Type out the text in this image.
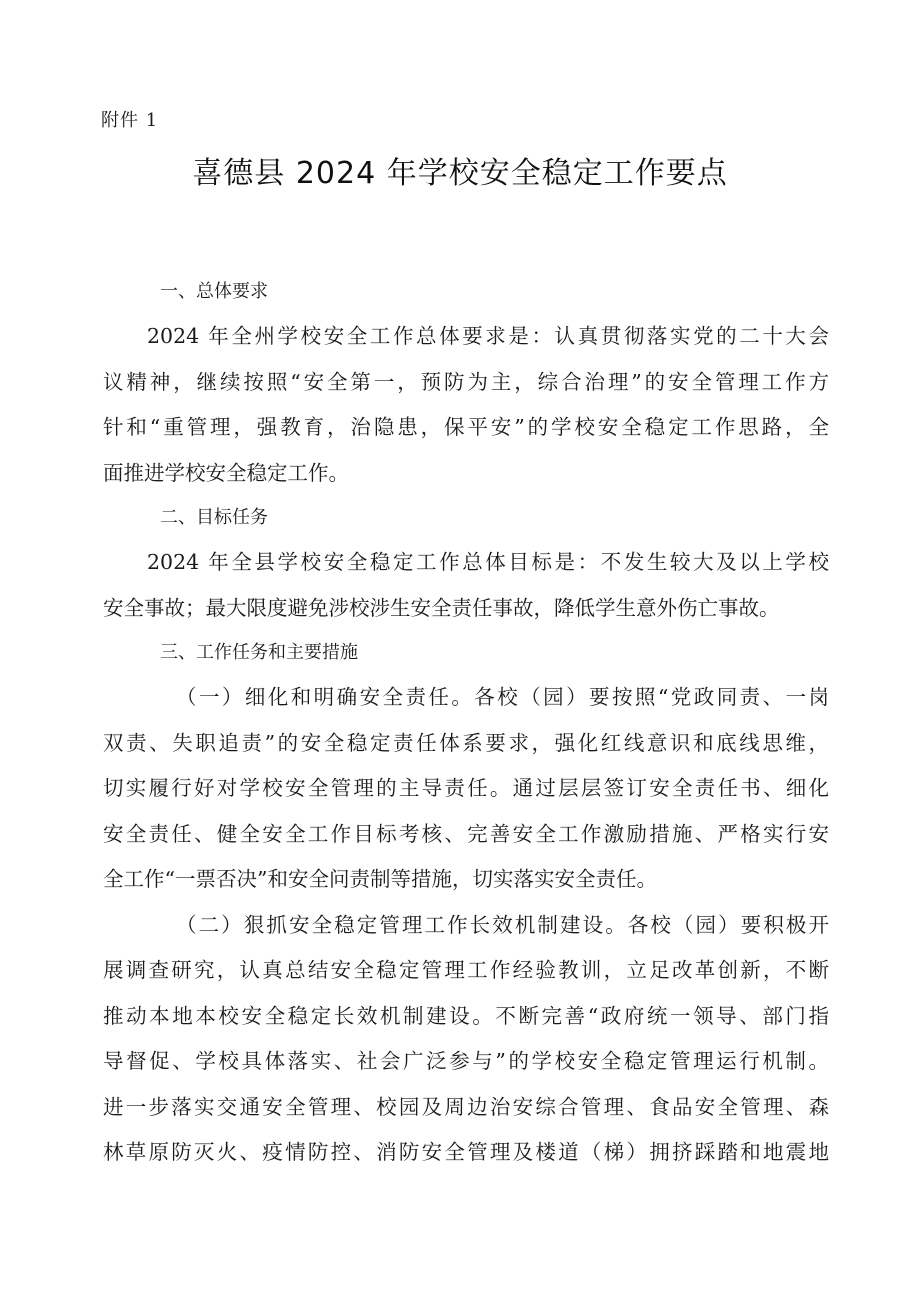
附件 1
喜德县 2024 年学校安全稳定工作要点
一、总体要求
2024 年全州学校安全工作总体要求是：认真贯彻落实党的二十大会
议精神，继续按照“安全第一，预防为主，综合治理”的安全管理工作方
针和“重管理，强教育，治隐患，保平安”的学校安全稳定工作思路，全
面推进学校安全稳定工作。
二、目标任务
2024 年全县学校安全稳定工作总体目标是：不发生较大及以上学校
安全事故；最大限度避免涉校涉生安全责任事故，降低学生意外伤亡事故。
三、工作任务和主要措施
（一）细化和明确安全责任。各校（园）要按照“党政同责、一岗
双责、失职追责”的安全稳定责任体系要求，强化红线意识和底线思维，
切实履行好对学校安全管理的主导责任。通过层层签订安全责任书、细化
安全责任、健全安全工作目标考核、完善安全工作激励措施、严格实行安
全工作“一票否决”和安全问责制等措施，切实落实安全责任。
（二）狠抓安全稳定管理工作长效机制建设。各校（园）要积极开
展调查研究，认真总结安全稳定管理工作经验教训，立足改革创新，不断
推动本地本校安全稳定长效机制建设。不断完善“政府统一领导、部门指
导督促、学校具体落实、社会广泛参与”的学校安全稳定管理运行机制。
进一步落实交通安全管理、校园及周边治安综合管理、食品安全管理、森
林草原防灭火、疫情防控、消防安全管理及楼道（梯）拥挤踩踏和地震地
